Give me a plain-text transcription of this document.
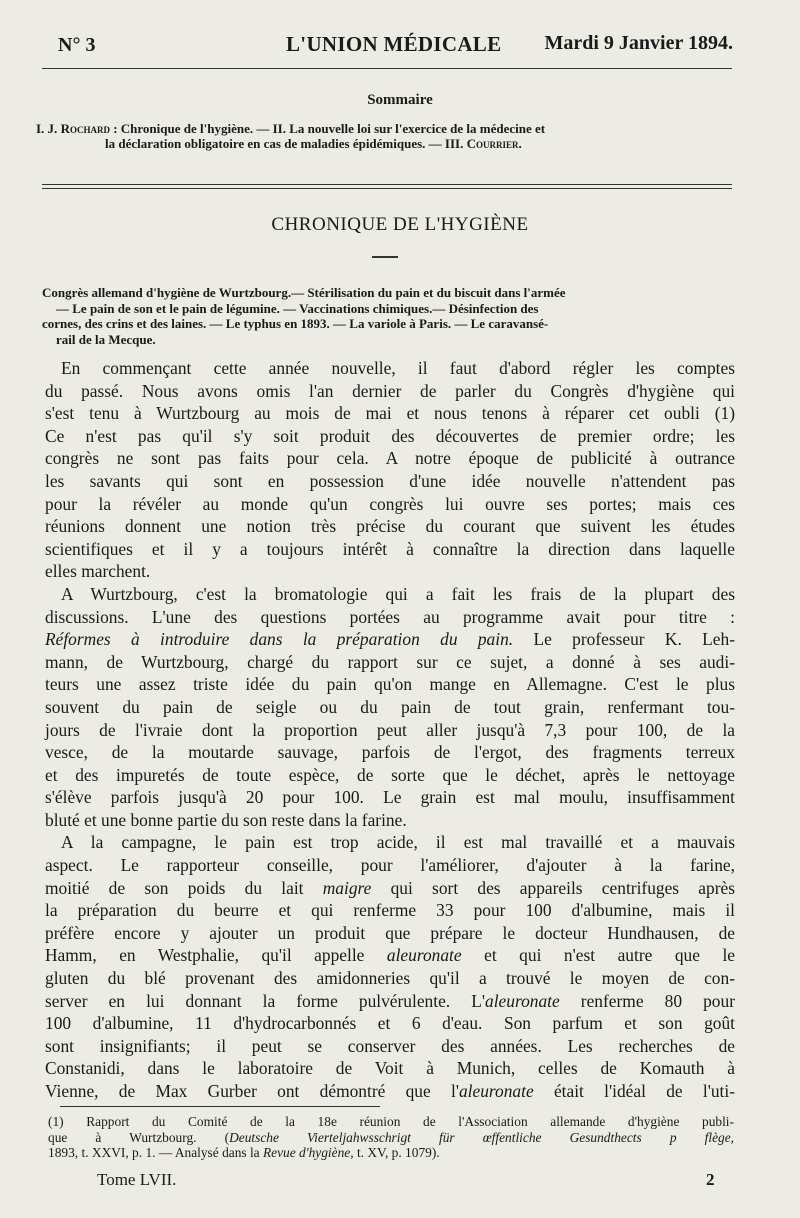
N° 3	L'UNION MÉDICALE Mardi 9 Janvier 1894.
Sommaire
I. J. Rochard : Chronique de l'hygiène. — II. La nouvelle loi sur l'exercice de la médecine et
la déclaration obligatoire en cas de maladies épidémiques. — III. Courrier.
CHRONIQUE DE L'HYGIÈNE
Congrès allemand d'hygiène de Wurtzbourg.— Stérilisation du pain et du biscuit dans l'armée
— Le pain de son et le pain de légumine. — Vaccinations chimiques.— Désinfection des
cornes, des crins et des laines. — Le typhus en 1893. — La variole à Paris. — Le caravansé-
rail de la Mecque.
En commençant cette année nouvelle, il faut d'abord régler les comptes
du passé. Nous avons omis l'an dernier de parler du Congrès d'hygiène qui
s'est tenu à Wurtzbourg au mois de mai et nous tenons à réparer cet oubli (1)
Ce n'est pas qu'il s'y soit produit des découvertes de premier ordre; les
congrès ne sont pas faits pour cela. A notre époque de publicité à outrance
les savants qui sont en possession d'une idée nouvelle n'attendent pas
pour la révéler au monde qu'un congrès lui ouvre ses portes; mais ces
réunions donnent une notion très précise du courant que suivent les études
scientifiques et il y a toujours intérêt à connaître la direction dans laquelle
elles marchent.
A Wurtzbourg, c'est la bromatologie qui a fait les frais de la plupart des
discussions. L'une des questions portées au programme avait pour titre :
Réformes à introduire dans la préparation du pain. Le professeur K. Leh-
mann, de Wurtzbourg, chargé du rapport sur ce sujet, a donné à ses audi-
teurs une assez triste idée du pain qu'on mange en Allemagne. C'est le plus
souvent du pain de seigle ou du pain de tout grain, renfermant tou-
jours de l'ivraie dont la proportion peut aller jusqu'à 7,3 pour 100, de la
vesce, de la moutarde sauvage, parfois de l'ergot, des fragments terreux
et des impuretés de toute espèce, de sorte que le déchet, après le nettoyage
s'élève parfois jusqu'à 20 pour 100. Le grain est mal moulu, insuffisamment
bluté et une bonne partie du son reste dans la farine.
A la campagne, le pain est trop acide, il est mal travaillé et a mauvais
aspect. Le rapporteur conseille, pour l'améliorer, d'ajouter à la farine,
moitié de son poids du lait maigre qui sort des appareils centrifuges après
la préparation du beurre et qui renferme 33 pour 100 d'albumine, mais il
préfère encore y ajouter un produit que prépare le docteur Hundhausen, de
Hamm, en Westphalie, qu'il appelle aleuronate et qui n'est autre que le
gluten du blé provenant des amidonneries qu'il a trouvé le moyen de con-
server en lui donnant la forme pulvérulente. L'aleuronate renferme 80 pour
100 d'albumine, 11 d'hydrocarbonnés et 6 d'eau. Son parfum et son goût
sont insignifiants; il peut se conserver des années. Les recherches de
Constanidi, dans le laboratoire de Voit à Munich, celles de Komauth à
Vienne, de Max Gurber ont démontré que l'aleuronate était l'idéal de l'uti-
(1) Rapport du Comité de la 18e réunion de l'Association allemande d'hygiène publi-
que à Wurtzbourg. (Deutsche Vierteljahwsschrigt für œffentliche Gesundthects p flège,
1893, t. XXVI, p. 1. — Analysé dans la Revue d'hygiène, t. XV, p. 1079).
Tome LVII.	2
